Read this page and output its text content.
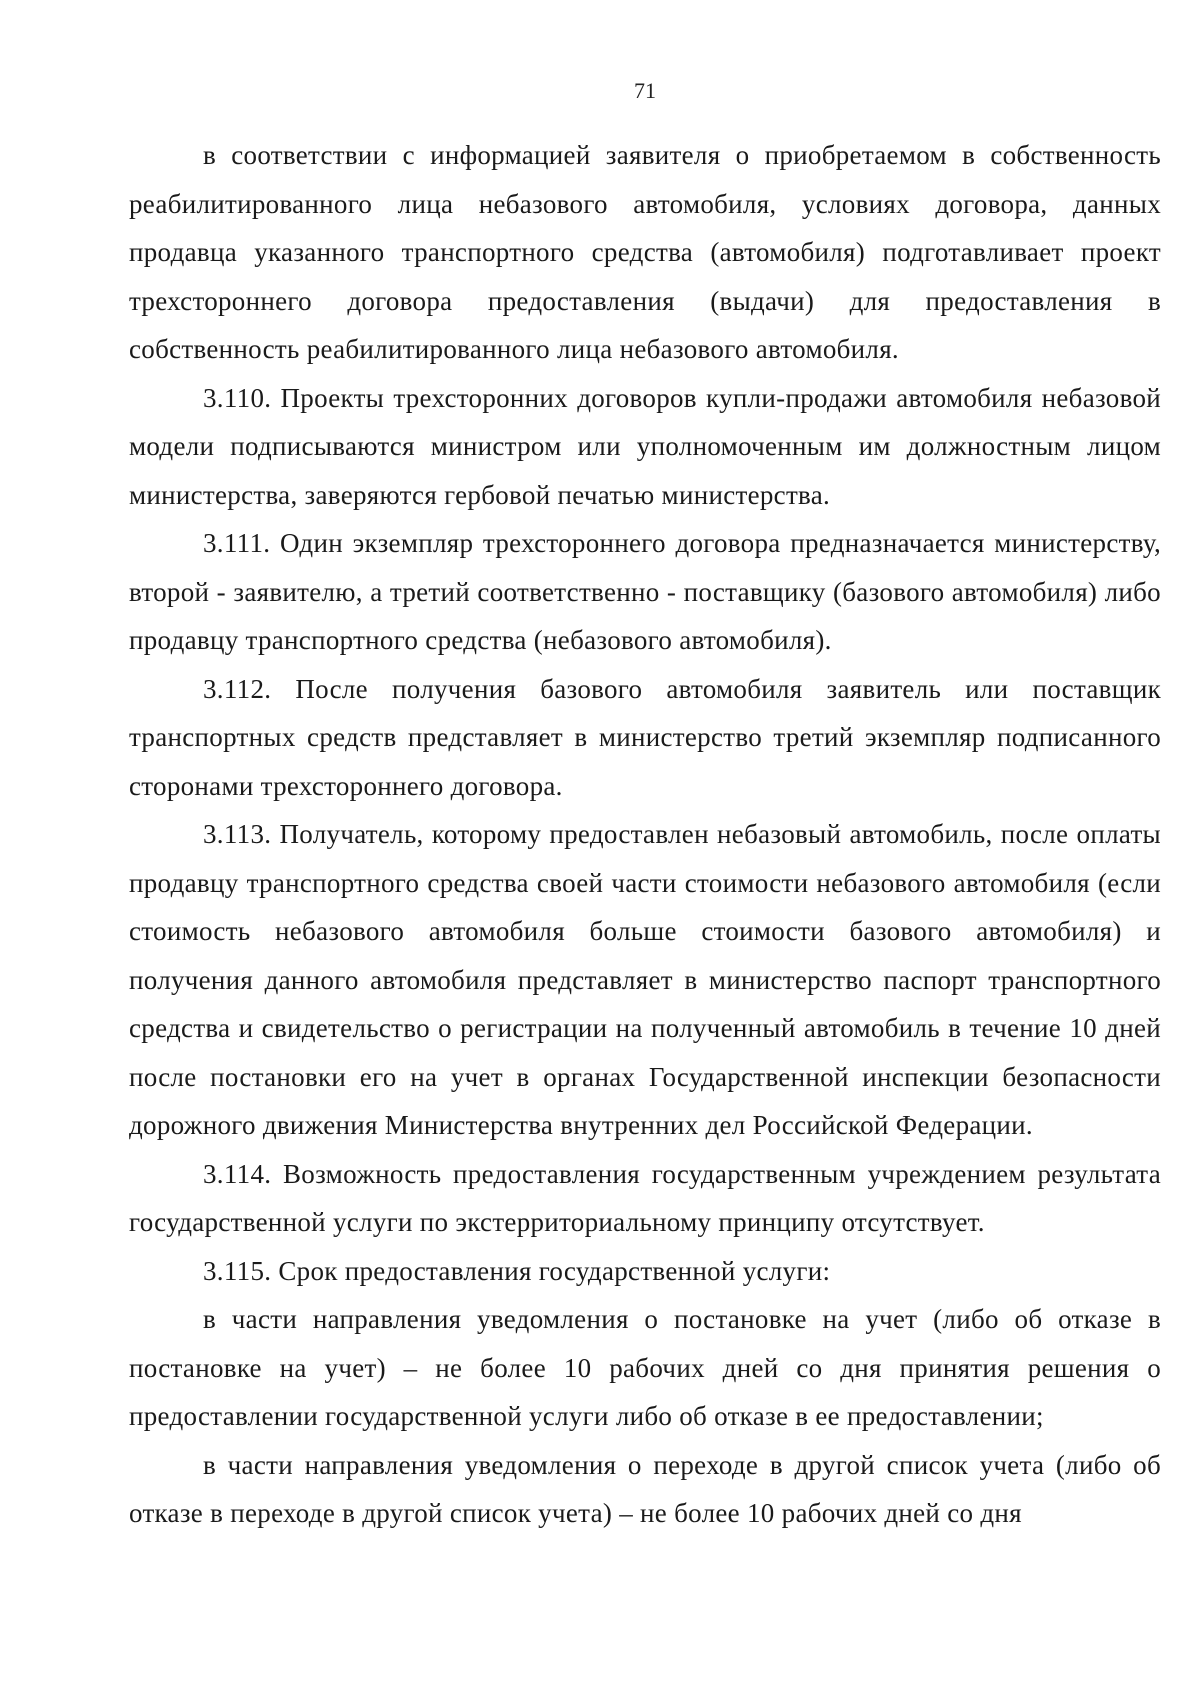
71

в соответствии с информацией заявителя о приобретаемом в собственность реабилитированного лица небазового автомобиля, условиях договора, данных продавца указанного транспортного средства (автомобиля) подготавливает проект трехстороннего договора предоставления (выдачи) для предоставления в собственность реабилитированного лица небазового автомобиля.

3.110. Проекты трехсторонних договоров купли-продажи автомобиля небазовой модели подписываются министром или уполномоченным им должностным лицом министерства, заверяются гербовой печатью министерства.

3.111. Один экземпляр трехстороннего договора предназначается министерству, второй - заявителю, а третий соответственно - поставщику (базового автомобиля) либо продавцу транспортного средства (небазового автомобиля).

3.112. После получения базового автомобиля заявитель или поставщик транспортных средств представляет в министерство третий экземпляр подписанного сторонами трехстороннего договора.

3.113. Получатель, которому предоставлен небазовый автомобиль, после оплаты продавцу транспортного средства своей части стоимости небазового автомобиля (если стоимость небазового автомобиля больше стоимости базового автомобиля) и получения данного автомобиля представляет в министерство паспорт транспортного средства и свидетельство о регистрации на полученный автомобиль в течение 10 дней после постановки его на учет в органах Государственной инспекции безопасности дорожного движения Министерства внутренних дел Российской Федерации.

3.114. Возможность предоставления государственным учреждением результата государственной услуги по экстерриториальному принципу отсутствует.

3.115. Срок предоставления государственной услуги:

в части направления уведомления о постановке на учет (либо об отказе в постановке на учет) – не более 10 рабочих дней со дня принятия решения о предоставлении государственной услуги либо об отказе в ее предоставлении;

в части направления уведомления о переходе в другой список учета (либо об отказе в переходе в другой список учета) – не более 10 рабочих дней со дня
